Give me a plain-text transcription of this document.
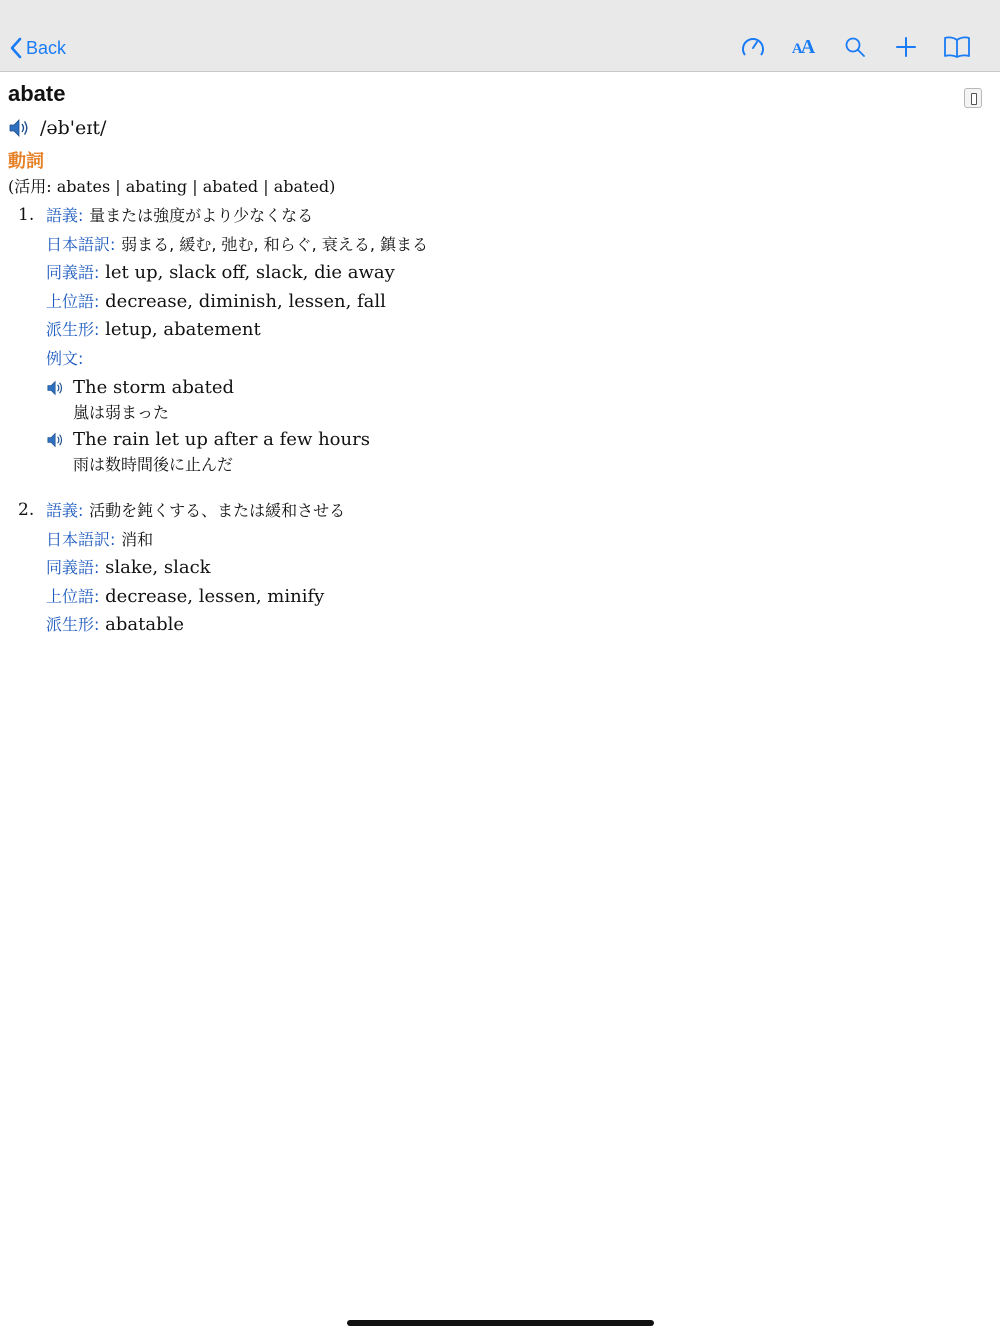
Back	AA
abate
/əb'eɪt/
動詞
(活用: abates | abating | abated | abated)
1. 語義: 量または強度がより少なくなる
日本語訳: 弱まる, 緩む, 弛む, 和らぐ, 衰える, 鎮まる
同義語: let up, slack off, slack, die away
上位語: decrease, diminish, lessen, fall
派生形: letup, abatement
例文:
The storm abated
嵐は弱まった
The rain let up after a few hours
雨は数時間後に止んだ
2. 語義: 活動を鈍くする、または緩和させる
日本語訳: 消和
同義語: slake, slack
上位語: decrease, lessen, minify
派生形: abatable
